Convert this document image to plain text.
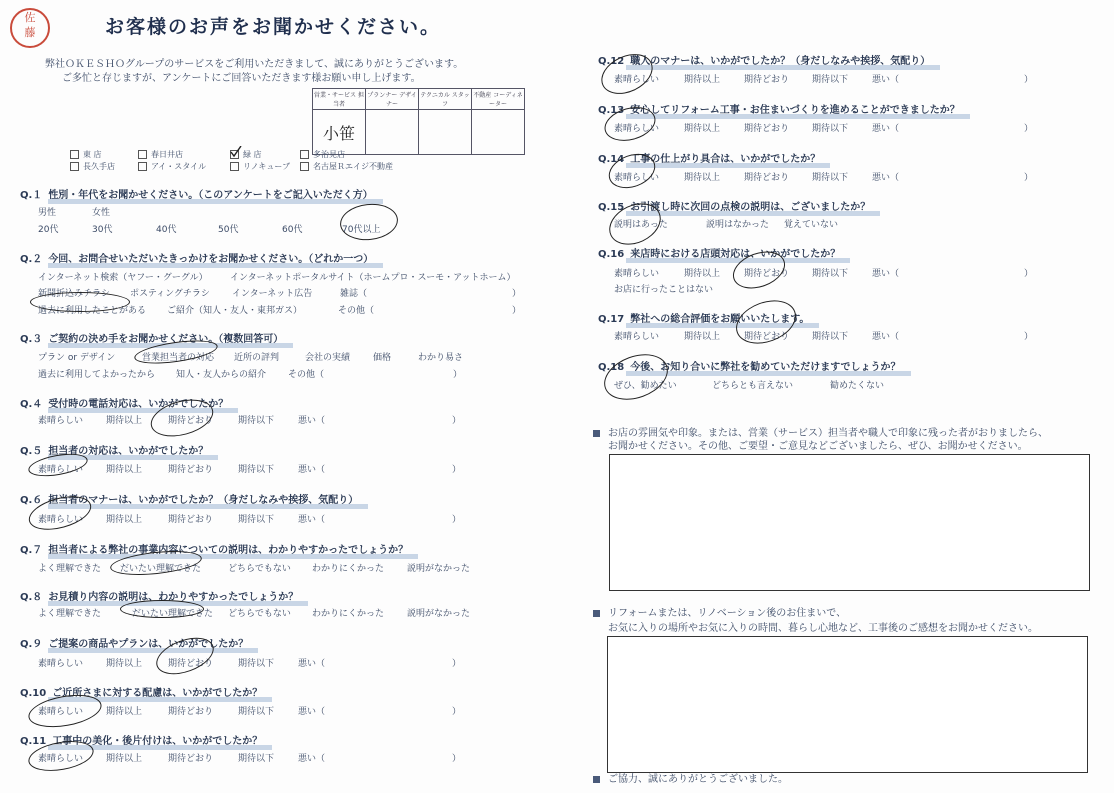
佐
藤	お客様のお声をお聞かせください。
弊社ＯＫＥＳＨＯグループのサービスをご利用いただきまして、誠にありがとうございます。
ご多忙と存じますが、アンケートにご回答いただきます様お願い申し上げます。
営業・サービス 担当者	プランナー デザイナー	テクニカル スタッフ	不動産 コーディネーター
小笹			
東 店	春日井店	緑 店	多治見店
長久手店	アイ・スタイル	リノキューブ	名古屋Ｒエイジ不動産
Q.１ 性別・年代をお聞かせください。（このアンケートをご記入いただく方）
男性	女性
20代	30代	40代	50代	60代	70代以上
Q.２ 今回、お問合せいただいたきっかけをお聞かせください。（どれか一つ）
インターネット検索（ヤフー・グーグル） インターネットポータルサイト（ホームプロ・スーモ・アットホーム）
新聞折込みチラシ ポスティングチラシ インターネット広告	雑誌（	）
過去に利用したことがある ご紹介（知人・友人・東邦ガス）	その他（	）
Q.３ ご契約の決め手をお聞かせください。（複数回答可）
プラン or デザイン	営業担当者の対応 近所の評判	会社の実績	価格	わかり易さ
過去に利用してよかったから 知人・友人からの紹介 その他（	）
Q.４ 受付時の電話対応は、いかがでしたか？
素晴らしい	期待以上	期待どおり	期待以下	悪い（	）
Q.５ 担当者の対応は、いかがでしたか？
素晴らしい	期待以上	期待どおり	期待以下	悪い（	）
Q.６ 担当者のマナーは、いかがでしたか？（身だしなみや挨拶、気配り）
素晴らしい	期待以上	期待どおり	期待以下	悪い（	）
Q.７ 担当者による弊社の事業内容についての説明は、わかりやすかったでしょうか？
よく理解できた だいたい理解できた	どちらでもない わかりにくかった	説明がなかった
Q.８ お見積り内容の説明は、わかりやすかったでしょうか？
よく理解できた	だいたい理解できた どちらでもない わかりにくかった	説明がなかった
Q.９ ご提案の商品やプランは、いかがでしたか？
素晴らしい	期待以上	期待どおり	期待以下	悪い（	）
Q.10 ご近所さまに対する配慮は、いかがでしたか？
素晴らしい	期待以上	期待どおり	期待以下	悪い（	）
Q.11 工事中の美化・後片付けは、いかがでしたか？
素晴らしい	期待以上	期待どおり	期待以下	悪い（	）
Q.12 職人のマナーは、いかがでしたか？（身だしなみや挨拶、気配り）
素晴らしい	期待以上	期待どおり	期待以下	悪い（	）
Q.13 安心してリフォーム工事・お住まいづくりを進めることができましたか？
素晴らしい	期待以上	期待どおり	期待以下	悪い（	）
Q.14 工事の仕上がり具合は、いかがでしたか？
素晴らしい	期待以上	期待どおり	期待以下	悪い（	）
Q.15 お引渡し時に次回の点検の説明は、ございましたか？
説明はあった	説明はなかった 覚えていない
Q.16 来店時における店頭対応は、いかがでしたか？
素晴らしい	期待以上	期待どおり	期待以下	悪い（	）
お店に行ったことはない
Q.17 弊社への総合評価をお願いいたします。
素晴らしい	期待以上	期待どおり	期待以下	悪い（	）
Q.18 今後、お知り合いに弊社を勧めていただけますでしょうか？
ぜひ、勧めたい	どちらとも言えない	勧めたくない
お店の雰囲気や印象。または、営業（サービス）担当者や職人で印象に残った者がおりましたら、
お聞かせください。その他、ご要望・ご意見などございましたら、ぜひ、お聞かせください。
リフォームまたは、リノベーション後のお住まいで、
お気に入りの場所やお気に入りの時間、暮らし心地など、工事後のご感想をお聞かせください。
ご協力、誠にありがとうございました。
